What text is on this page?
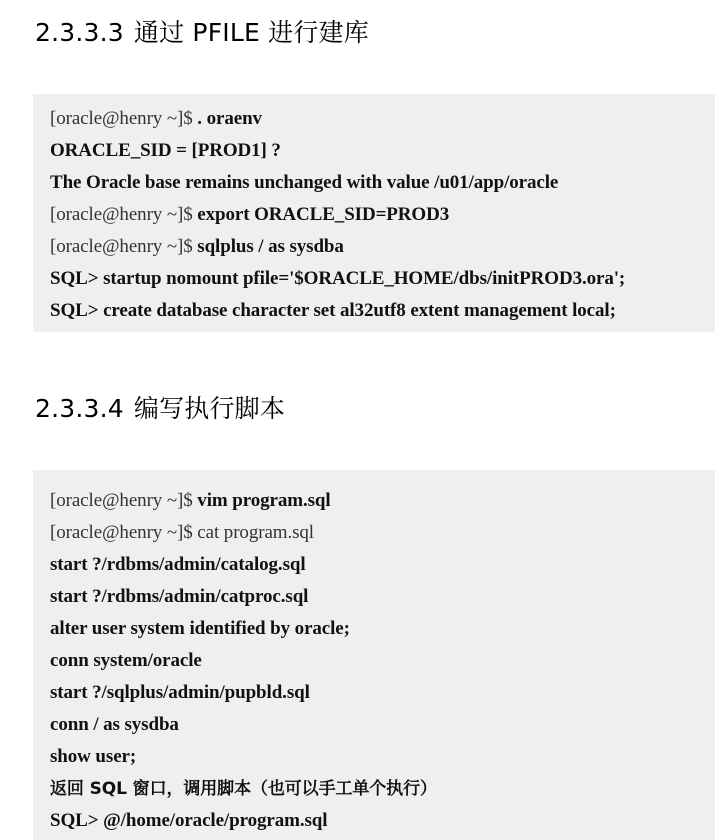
2.3.3.3 通过 PFILE 进行建库
[oracle@henry ~]$ . oraenv
ORACLE_SID = [PROD1] ?
The Oracle base remains unchanged with value /u01/app/oracle
[oracle@henry ~]$ export ORACLE_SID=PROD3
[oracle@henry ~]$ sqlplus / as sysdba
SQL> startup nomount pfile='$ORACLE_HOME/dbs/initPROD3.ora';
SQL> create database character set al32utf8 extent management local;
2.3.3.4 编写执行脚本
[oracle@henry ~]$ vim program.sql
[oracle@henry ~]$ cat program.sql
start ?/rdbms/admin/catalog.sql
start ?/rdbms/admin/catproc.sql
alter user system identified by oracle;
conn system/oracle
start ?/sqlplus/admin/pupbld.sql
conn / as sysdba
show user;
返回 SQL 窗口，调用脚本（也可以手工单个执行）
SQL> @/home/oracle/program.sql
